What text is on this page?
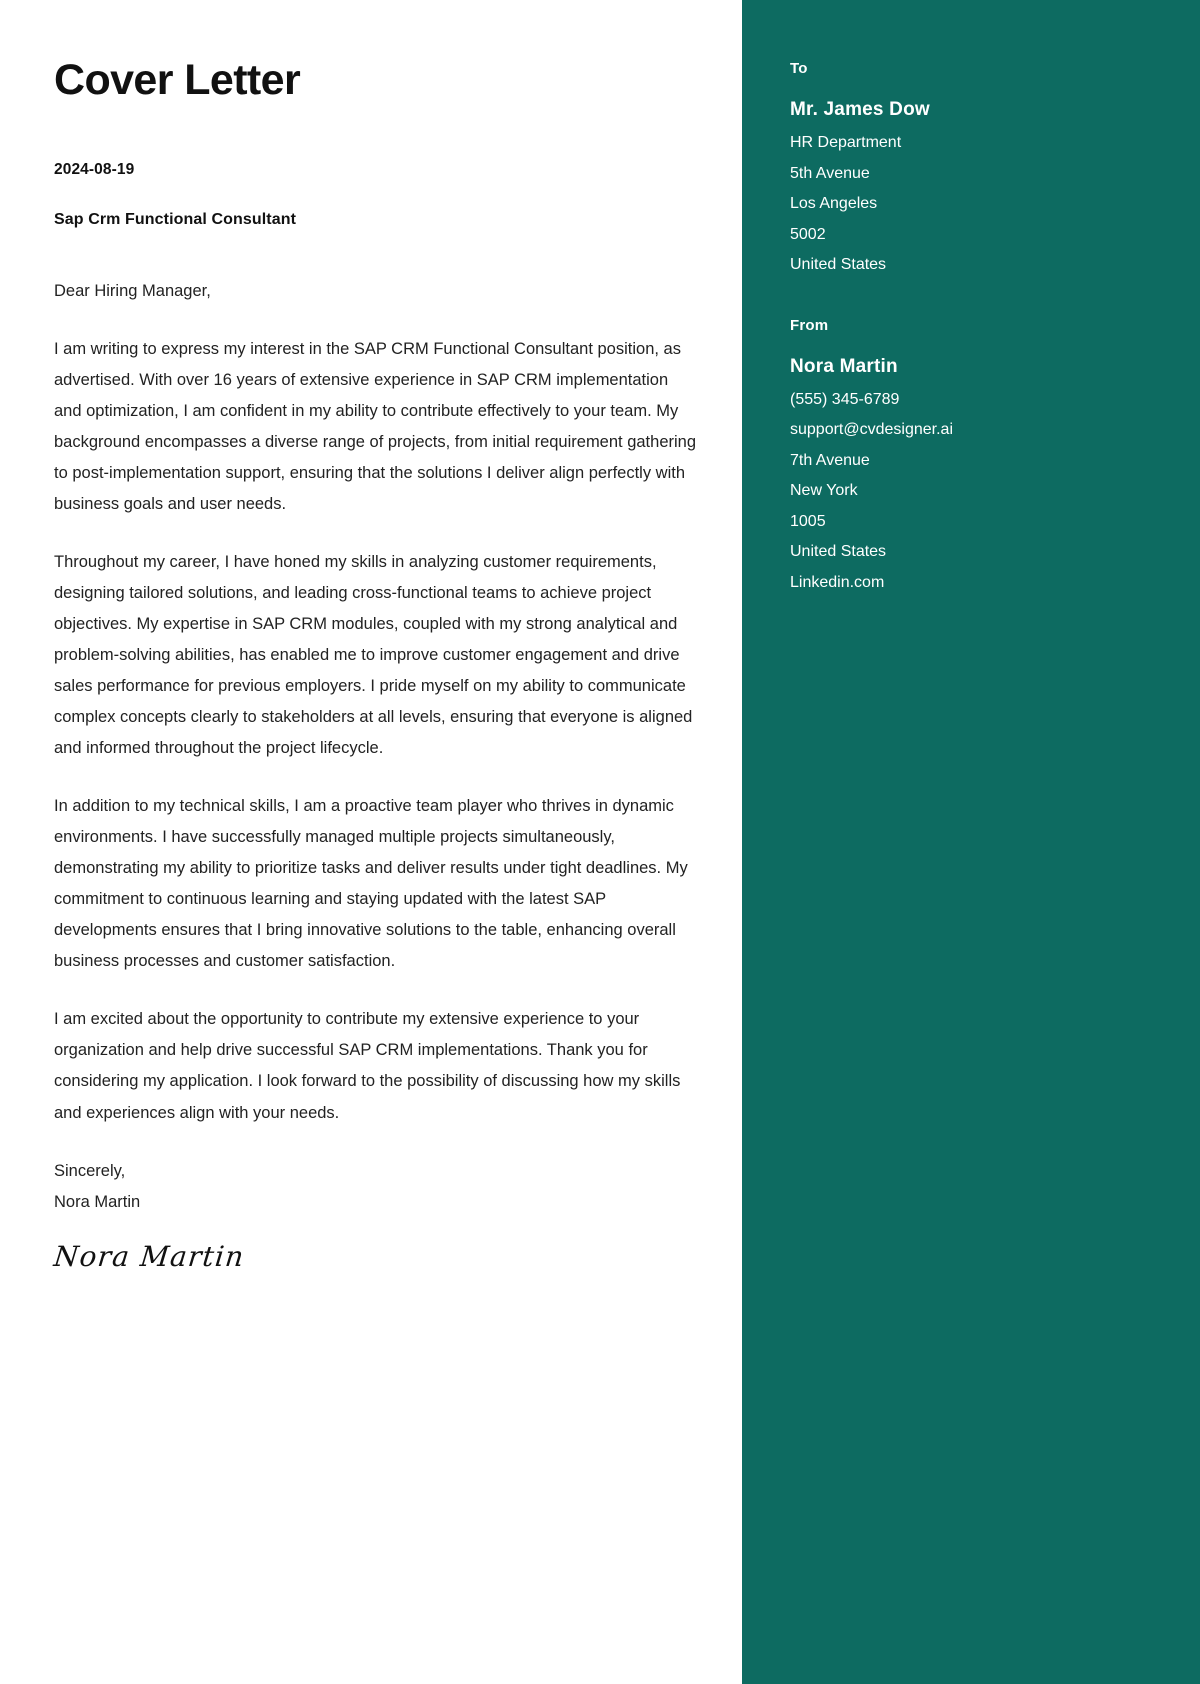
Cover Letter
2024-08-19
Sap Crm Functional Consultant
Dear Hiring Manager,
I am writing to express my interest in the SAP CRM Functional Consultant position, as advertised. With over 16 years of extensive experience in SAP CRM implementation and optimization, I am confident in my ability to contribute effectively to your team. My background encompasses a diverse range of projects, from initial requirement gathering to post-implementation support, ensuring that the solutions I deliver align perfectly with business goals and user needs.
Throughout my career, I have honed my skills in analyzing customer requirements, designing tailored solutions, and leading cross-functional teams to achieve project objectives. My expertise in SAP CRM modules, coupled with my strong analytical and problem-solving abilities, has enabled me to improve customer engagement and drive sales performance for previous employers. I pride myself on my ability to communicate complex concepts clearly to stakeholders at all levels, ensuring that everyone is aligned and informed throughout the project lifecycle.
In addition to my technical skills, I am a proactive team player who thrives in dynamic environments. I have successfully managed multiple projects simultaneously, demonstrating my ability to prioritize tasks and deliver results under tight deadlines. My commitment to continuous learning and staying updated with the latest SAP developments ensures that I bring innovative solutions to the table, enhancing overall business processes and customer satisfaction.
I am excited about the opportunity to contribute my extensive experience to your organization and help drive successful SAP CRM implementations. Thank you for considering my application. I look forward to the possibility of discussing how my skills and experiences align with your needs.
Sincerely,
Nora Martin
Nora Martin
To
Mr. James Dow
HR Department
5th Avenue
Los Angeles
5002
United States
From
Nora Martin
(555) 345-6789
support@cvdesigner.ai
7th Avenue
New York
1005
United States
Linkedin.com
